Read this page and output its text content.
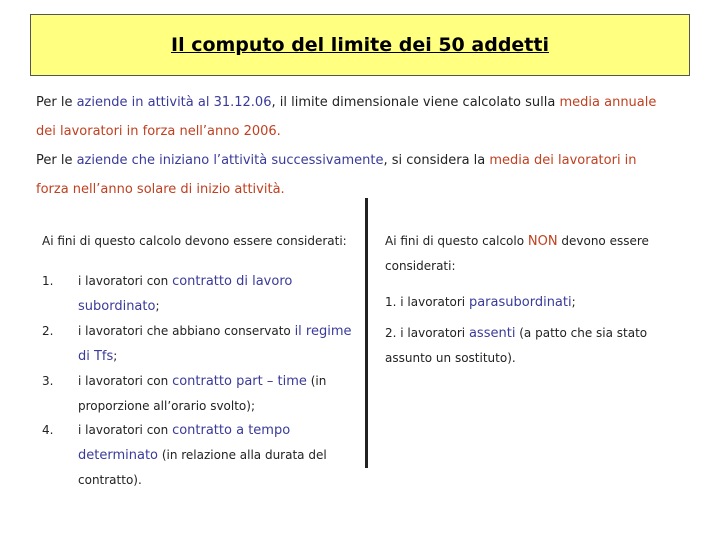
Il computo del limite dei 50 addetti

Per le aziende in attività al 31.12.06, il limite dimensionale viene calcolato sulla media annuale
dei lavoratori in forza nell’anno 2006.

Per le aziende che iniziano l’attività successivamente, si considera la media dei lavoratori in
forza nell’anno solare di inizio attività.

Ai fini di questo calcolo devono essere considerati:

1.	i lavoratori con contratto di lavoro subordinato;
2.	i lavoratori che abbiano conservato il regime di Tfs;
3.	i lavoratori con contratto part – time (in proporzione all’orario svolto);
4.	i lavoratori con contratto a tempo determinato (in relazione alla durata del contratto).

Ai fini di questo calcolo NON devono essere considerati:

1. i lavoratori parasubordinati;

2. i lavoratori assenti (a patto che sia stato assunto un sostituto).
